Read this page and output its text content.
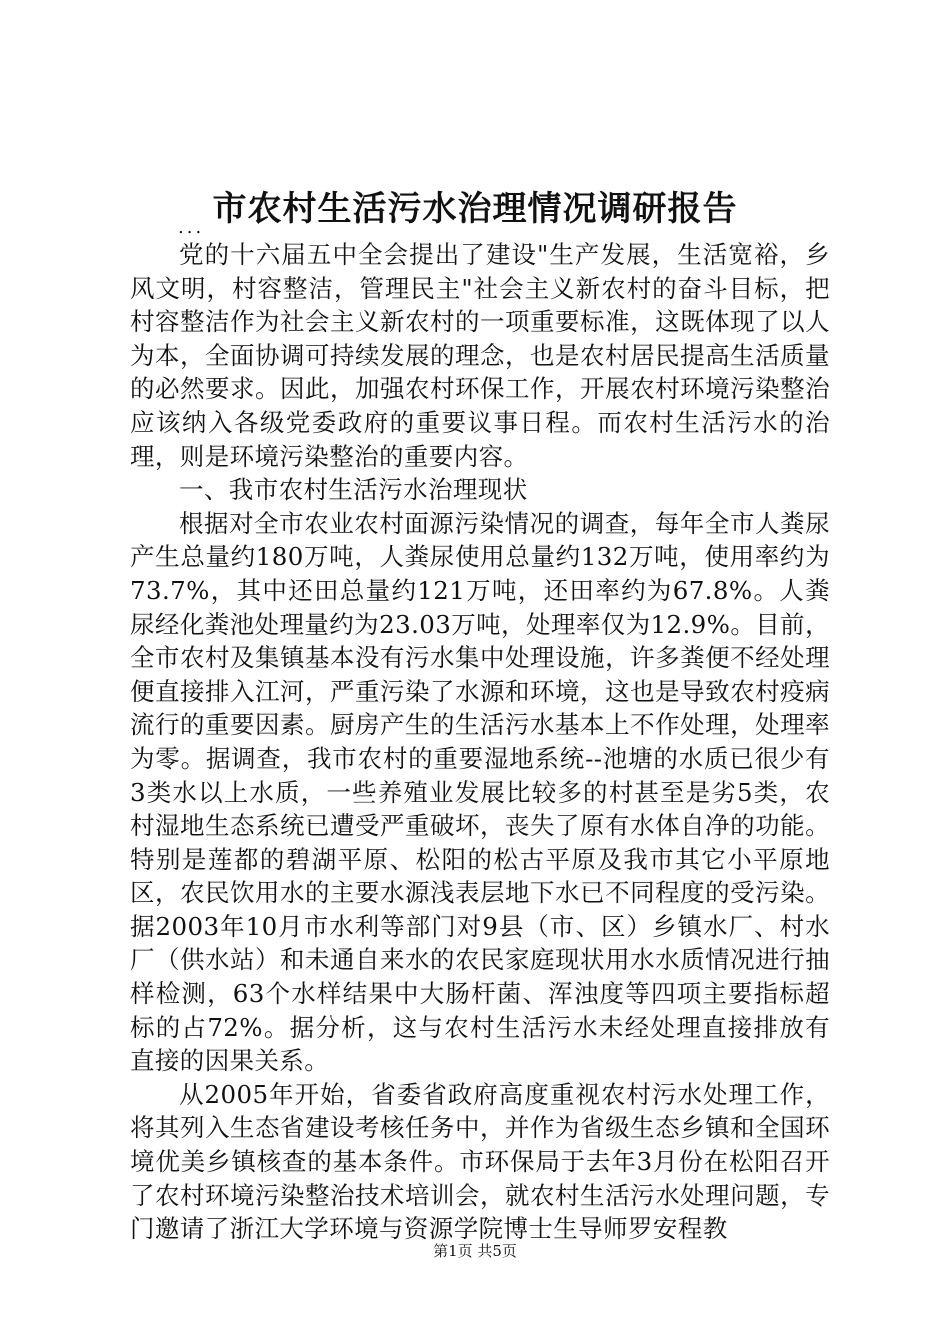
市农村生活污水治理情况调研报告
...

党的十六届五中全会提出了建设"生产发展，生活宽裕，乡风文明，村容整洁，管理民主"社会主义新农村的奋斗目标，把村容整洁作为社会主义新农村的一项重要标准，这既体现了以人为本，全面协调可持续发展的理念，也是农村居民提高生活质量的必然要求。因此，加强农村环保工作，开展农村环境污染整治应该纳入各级党委政府的重要议事日程。而农村生活污水的治理，则是环境污染整治的重要内容。

一、我市农村生活污水治理现状

根据对全市农业农村面源污染情况的调查，每年全市人粪尿产生总量约180万吨，人粪尿使用总量约132万吨，使用率约为73.7%，其中还田总量约121万吨，还田率约为67.8%。人粪尿经化粪池处理量约为23.03万吨，处理率仅为12.9%。目前，全市农村及集镇基本没有污水集中处理设施，许多粪便不经处理便直接排入江河，严重污染了水源和环境，这也是导致农村疫病流行的重要因素。厨房产生的生活污水基本上不作处理，处理率为零。据调查，我市农村的重要湿地系统--池塘的水质已很少有3类水以上水质，一些养殖业发展比较多的村甚至是劣5类，农村湿地生态系统已遭受严重破坏，丧失了原有水体自净的功能。特别是莲都的碧湖平原、松阳的松古平原及我市其它小平原地区，农民饮用水的主要水源浅表层地下水已不同程度的受污染。据2003年10月市水利等部门对9县（市、区）乡镇水厂、村水厂（供水站）和未通自来水的农民家庭现状用水水质情况进行抽样检测，63个水样结果中大肠杆菌、浑浊度等四项主要指标超标的占72%。据分析，这与农村生活污水未经处理直接排放有直接的因果关系。

从2005年开始，省委省政府高度重视农村污水处理工作，将其列入生态省建设考核任务中，并作为省级生态乡镇和全国环境优美乡镇核查的基本条件。市环保局于去年3月份在松阳召开了农村环境污染整治技术培训会，就农村生活污水处理问题，专门邀请了浙江大学环境与资源学院博士生导师罗安程教

第1页 共5页
